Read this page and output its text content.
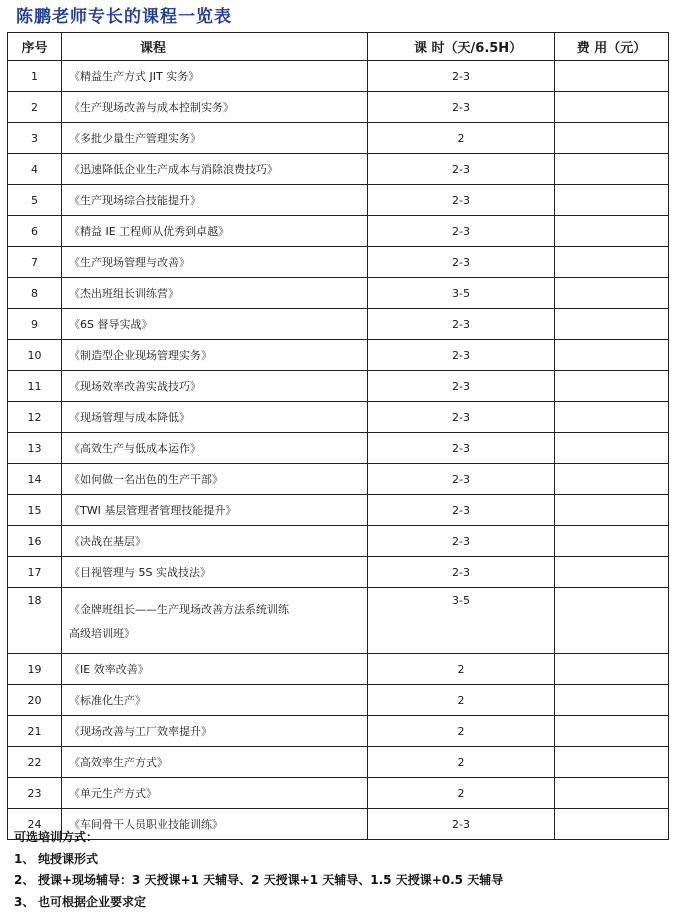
陈鹏老师专长的课程一览表
序号	课程	课 时（天/6.5H）	费 用（元）
1	《精益生产方式 JIT 实务》	2-3	
2	《生产现场改善与成本控制实务》	2-3	
3	《多批少量生产管理实务》	2	
4	《迅速降低企业生产成本与消除浪费技巧》	2-3	
5	《生产现场综合技能提升》	2-3	
6	《精益 IE 工程师从优秀到卓越》	2-3	
7	《生产现场管理与改善》	2-3	
8	《杰出班组长训练营》	3-5	
9	《6S 督导实战》	2-3	
10	《制造型企业现场管理实务》	2-3	
11	《现场效率改善实战技巧》	2-3	
12	《现场管理与成本降低》	2-3	
13	《高效生产与低成本运作》	2-3	
14	《如何做一名出色的生产干部》	2-3	
15	《TWI 基层管理者管理技能提升》	2-3	
16	《决战在基层》	2-3	
17	《目视管理与 5S 实战技法》	2-3	
18	《金牌班组长——生产现场改善方法系统训练
高级培训班》	3-5	
19	《IE 效率改善》	2	
20	《标准化生产》	2	
21	《现场改善与工厂效率提升》	2	
22	《高效率生产方式》	2	
23	《单元生产方式》	2	
24	《车间骨干人员职业技能训练》	2-3	
可选培训方式：
1、 纯授课形式
2、 授课+现场辅导：3 天授课+1 天辅导、2 天授课+1 天辅导、1.5 天授课+0.5 天辅导
3、 也可根据企业要求定
